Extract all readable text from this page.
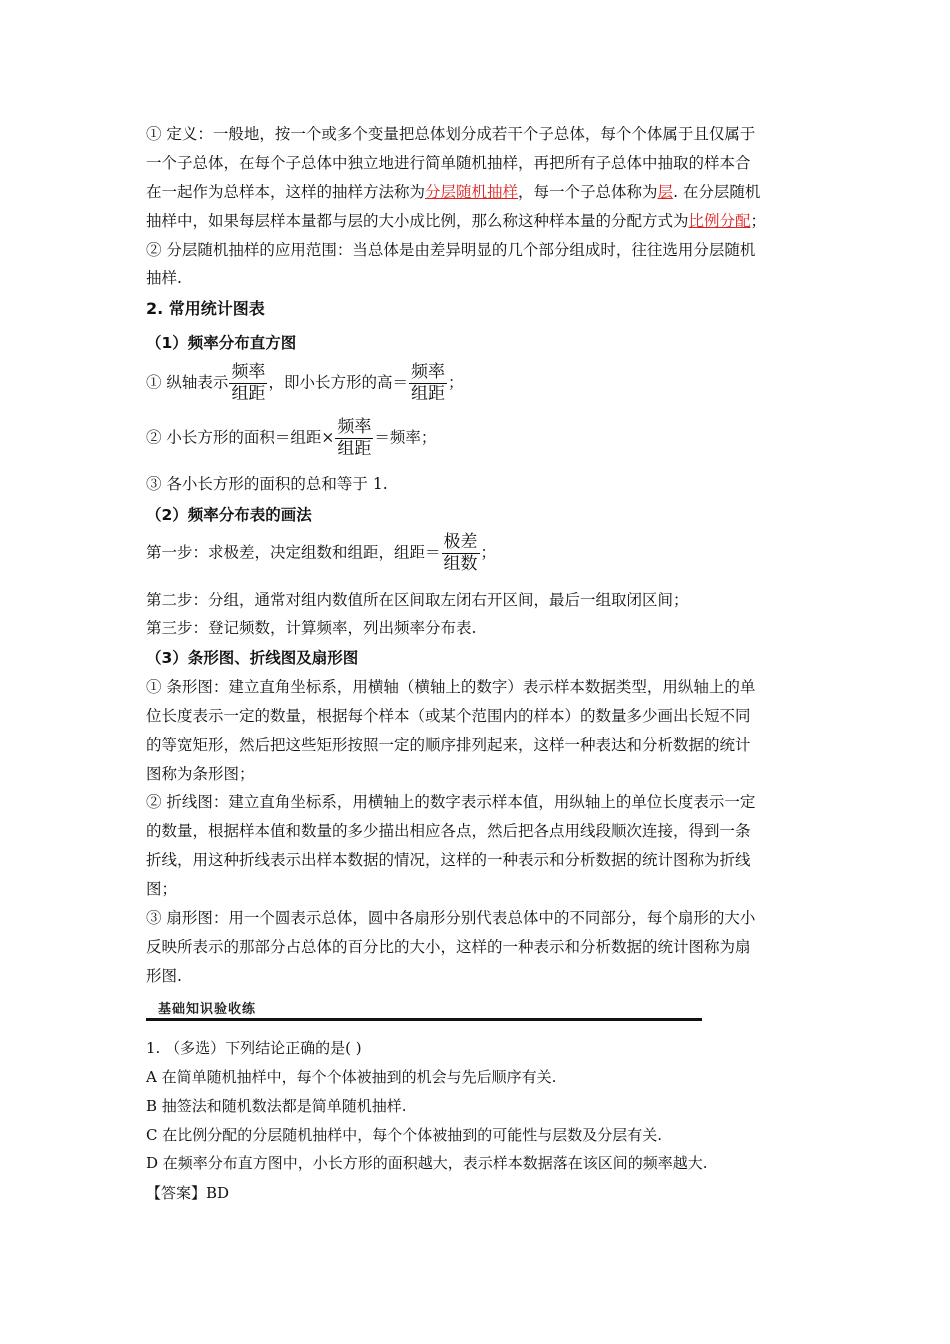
① 定义：一般地，按一个或多个变量把总体划分成若干个子总体，每个个体属于且仅属于
一个子总体，在每个子总体中独立地进行简单随机抽样，再把所有子总体中抽取的样本合
在一起作为总样本，这样的抽样方法称为分层随机抽样，每一个子总体称为层. 在分层随机
抽样中，如果每层样本量都与层的大小成比例，那么称这种样本量的分配方式为比例分配；
② 分层随机抽样的应用范围：当总体是由差异明显的几个部分组成时，往往选用分层随机
抽样.
2. 常用统计图表
（1）频率分布直方图
① 纵轴表示 $\frac{\text{频率}}{\text{组距}}$ ，即小长方形的高＝ $\frac{\text{频率}}{\text{组距}}$ ；
② 小长方形的面积＝组距× $\frac{\text{频率}}{\text{组距}}$ ＝频率；
③ 各小长方形的面积的总和等于 1.
（2）频率分布表的画法
第一步：求极差，决定组数和组距，组距＝ $\frac{\text{极差}}{\text{组数}}$ ；
第二步：分组，通常对组内数值所在区间取左闭右开区间，最后一组取闭区间；
第三步：登记频数，计算频率，列出频率分布表.
（3）条形图、折线图及扇形图
① 条形图：建立直角坐标系，用横轴（横轴上的数字）表示样本数据类型，用纵轴上的单
位长度表示一定的数量，根据每个样本（或某个范围内的样本）的数量多少画出长短不同
的等宽矩形，然后把这些矩形按照一定的顺序排列起来，这样一种表达和分析数据的统计
图称为条形图；
② 折线图：建立直角坐标系，用横轴上的数字表示样本值，用纵轴上的单位长度表示一定
的数量，根据样本值和数量的多少描出相应各点，然后把各点用线段顺次连接，得到一条
折线，用这种折线表示出样本数据的情况，这样的一种表示和分析数据的统计图称为折线
图；
③ 扇形图：用一个圆表示总体，圆中各扇形分别代表总体中的不同部分，每个扇形的大小
反映所表示的那部分占总体的百分比的大小，这样的一种表示和分析数据的统计图称为扇
形图.
基础知识验收练
1. （多选）下列结论正确的是( )
A 在简单随机抽样中，每个个体被抽到的机会与先后顺序有关.
B 抽签法和随机数法都是简单随机抽样.
C 在比例分配的分层随机抽样中，每个个体被抽到的可能性与层数及分层有关.
D 在频率分布直方图中，小长方形的面积越大，表示样本数据落在该区间的频率越大.
【答案】BD
